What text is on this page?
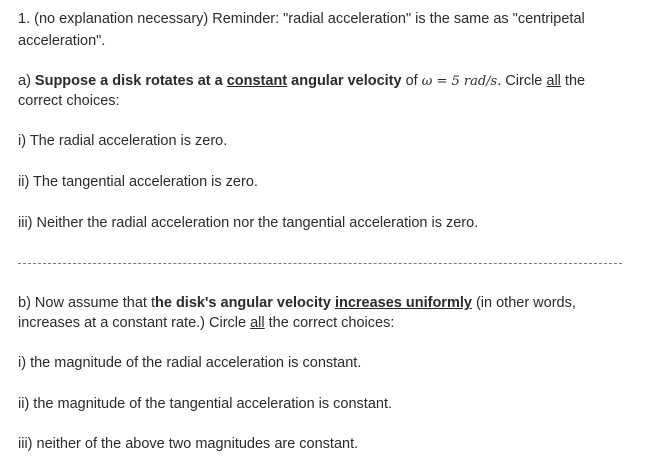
1. (no explanation necessary) Reminder: "radial acceleration" is the same as "centripetal
acceleration".
a) Suppose a disk rotates at a constant angular velocity of ω = 5 rad/s. Circle all the
correct choices:
i) The radial acceleration is zero.
ii) The tangential acceleration is zero.
iii) Neither the radial acceleration nor the tangential acceleration is zero.
b) Now assume that the disk's angular velocity increases uniformly (in other words,
increases at a constant rate.) Circle all the correct choices:
i) the magnitude of the radial acceleration is constant.
ii) the magnitude of the tangential acceleration is constant.
iii) neither of the above two magnitudes are constant.
